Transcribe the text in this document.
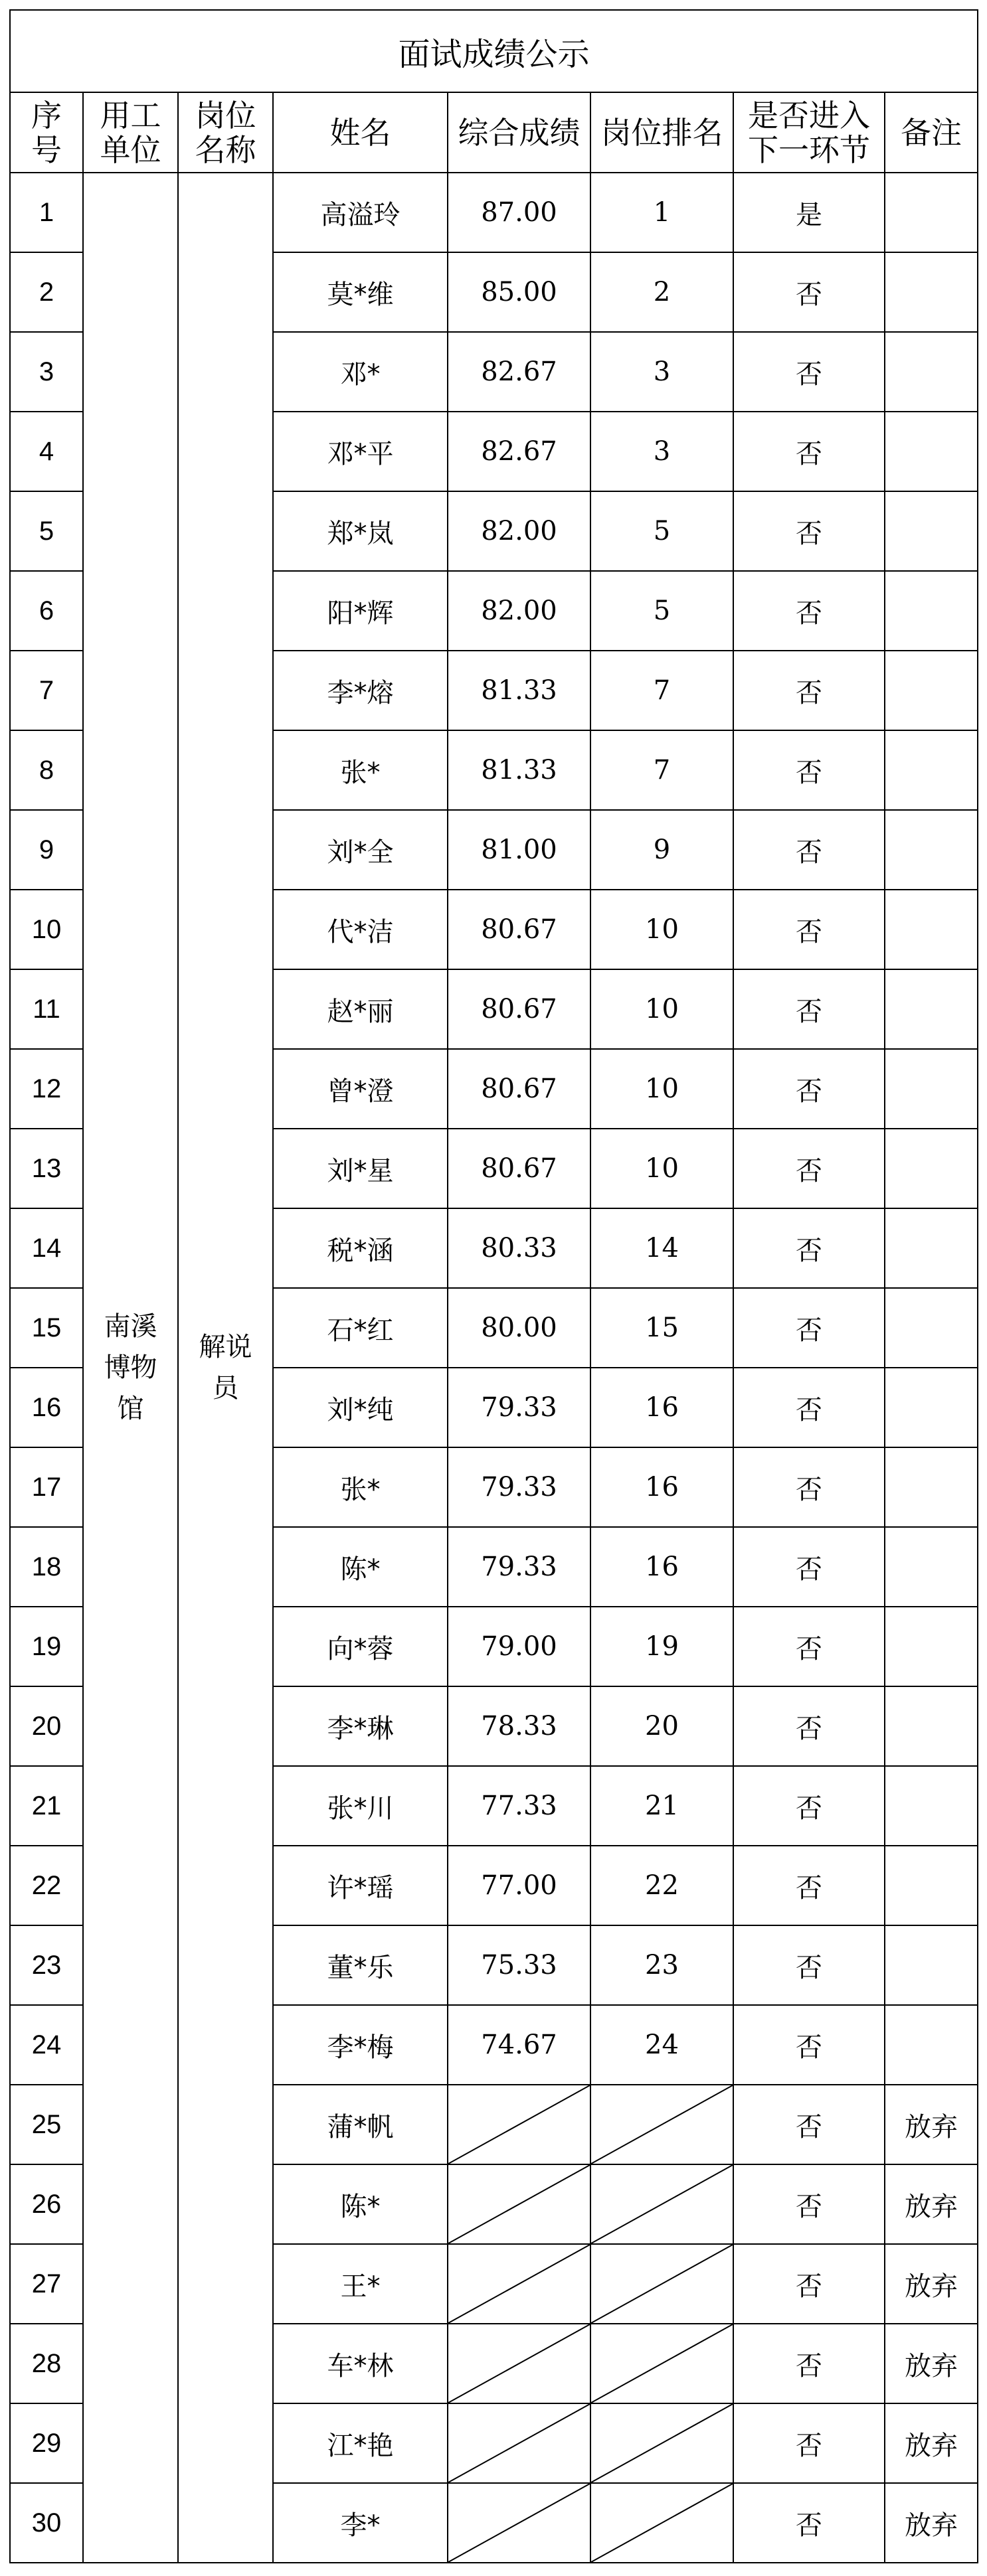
面试成绩公示							
序
号	用工
单位	岗位
名称	姓名	综合成绩	岗位排名	是否进入
下一环节	备注
1	南溪
博物
馆	解说
员	高溢玲	87.00	1	是	
2			莫*维	85.00	2	否	
3			邓*	82.67	3	否	
4			邓*平	82.67	3	否	
5			郑*岚	82.00	5	否	
6			阳*辉	82.00	5	否	
7			李*熔	81.33	7	否	
8			张*	81.33	7	否	
9			刘*全	81.00	9	否	
10			代*洁	80.67	10	否	
11			赵*丽	80.67	10	否	
12			曾*澄	80.67	10	否	
13			刘*星	80.67	10	否	
14			税*涵	80.33	14	否	
15			石*红	80.00	15	否	
16			刘*纯	79.33	16	否	
17			张*	79.33	16	否	
18			陈*	79.33	16	否	
19			向*蓉	79.00	19	否	
20			李*琳	78.33	20	否	
21			张*川	77.33	21	否	
22			许*瑶	77.00	22	否	
23			董*乐	75.33	23	否	
24			李*梅	74.67	24	否	
25			蒲*帆			否	放弃
26			陈*			否	放弃
27			王*			否	放弃
28			车*林			否	放弃
29			江*艳			否	放弃
30			李*			否	放弃
